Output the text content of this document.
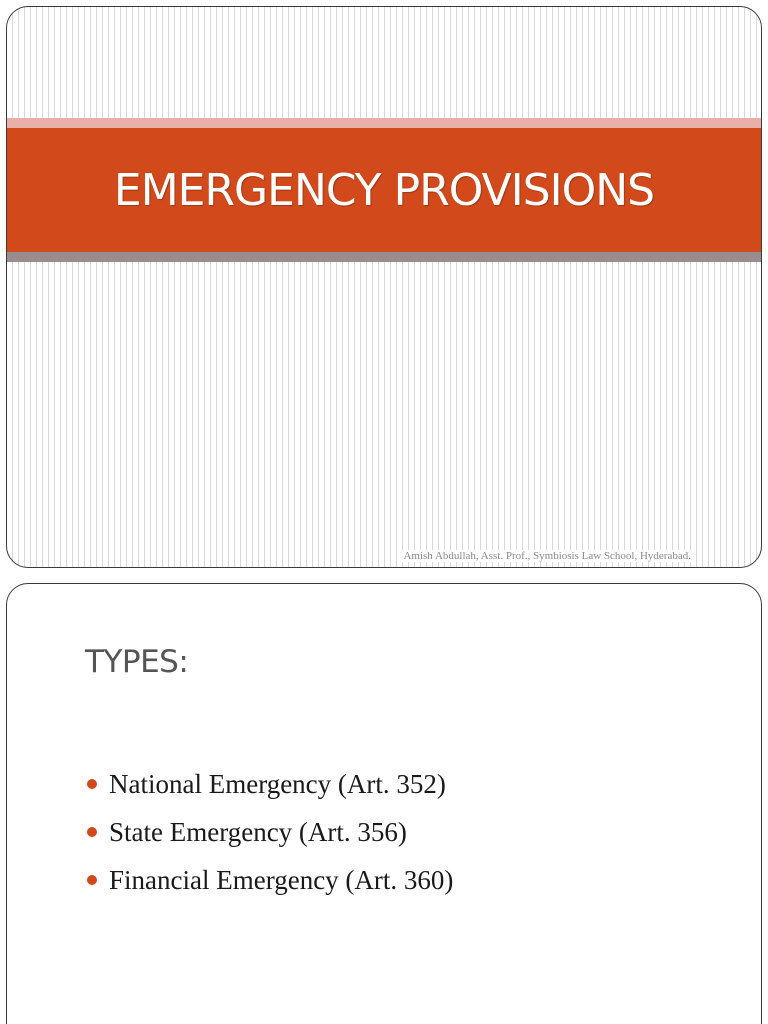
EMERGENCY PROVISIONS
Amish Abdullah, Asst. Prof., Symbiosis Law School, Hyderabad.
TYPES:
National Emergency (Art. 352)
State Emergency (Art. 356)
Financial Emergency (Art. 360)
